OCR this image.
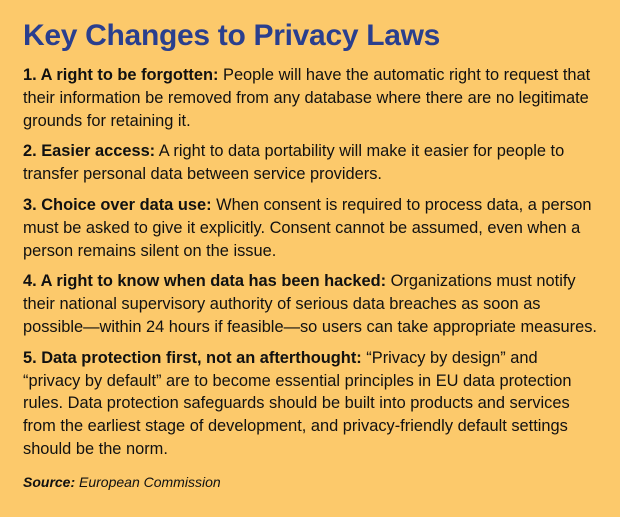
Key Changes to Privacy Laws

1. A right to be forgotten: People will have the automatic right to request that their information be removed from any database where there are no legitimate grounds for retaining it.

2. Easier access: A right to data portability will make it easier for people to transfer personal data between service providers.

3. Choice over data use: When consent is required to process data, a person must be asked to give it explicitly. Consent cannot be assumed, even when a person remains silent on the issue.

4. A right to know when data has been hacked: Organizations must notify their national supervisory authority of serious data breaches as soon as possible—within 24 hours if feasible—so users can take appropriate measures.

5. Data protection first, not an afterthought: “Privacy by design” and “privacy by default” are to become essential principles in EU data protection rules. Data protection safeguards should be built into products and services from the earliest stage of development, and privacy-friendly default settings should be the norm.

Source: European Commission
